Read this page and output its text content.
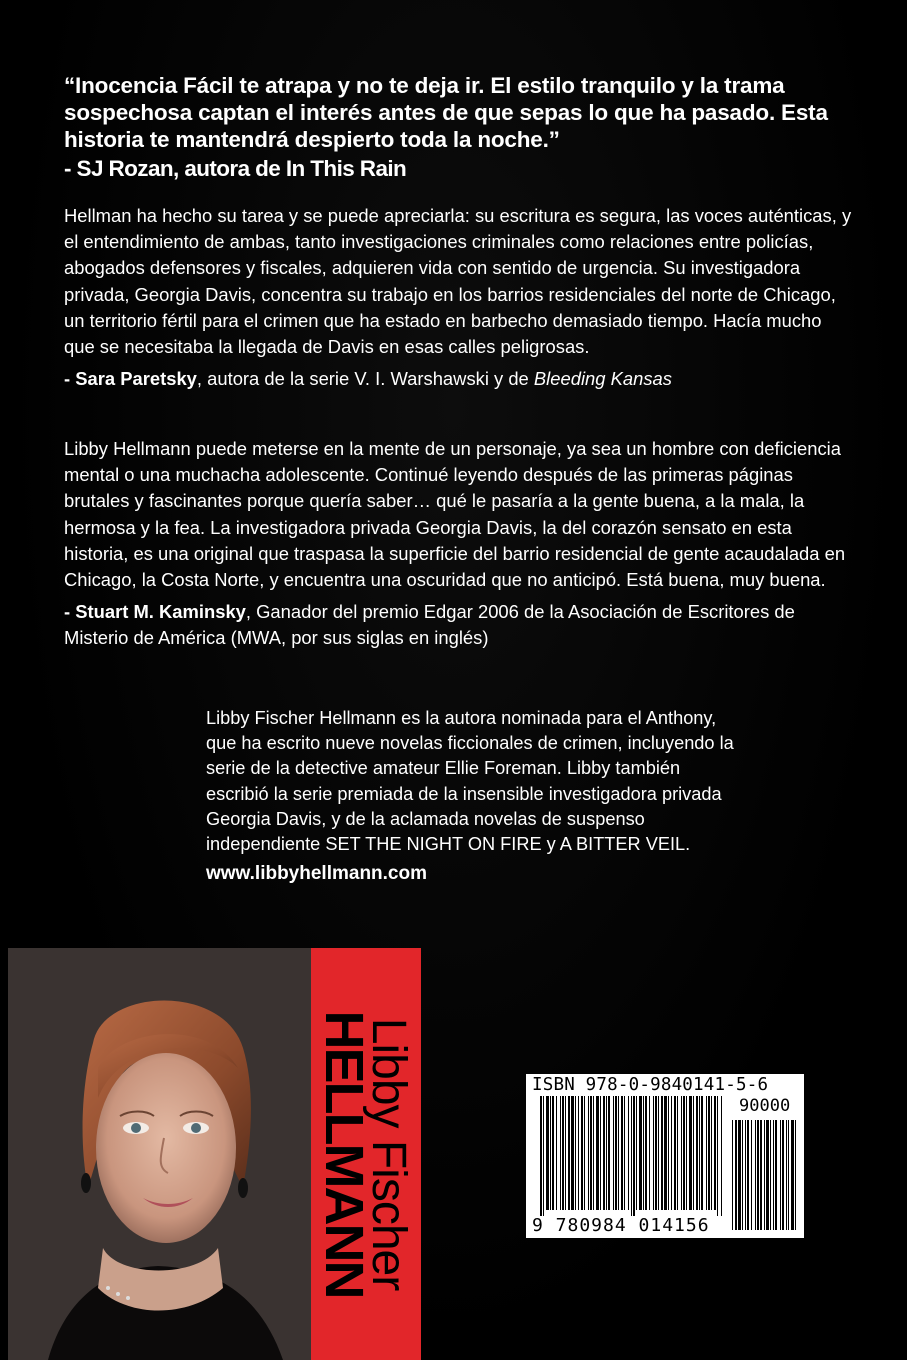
“Inocencia Fácil te atrapa y no te deja ir. El estilo tranquilo y la trama sospechosa captan el interés antes de que sepas lo que ha pasado. Esta historia te mantendrá despierto toda la noche.”
- SJ Rozan, autora de In This Rain

Hellman ha hecho su tarea y se puede apreciarla: su escritura es segura, las voces auténticas, y el entendimiento de ambas, tanto investigaciones criminales como relaciones entre policías, abogados defensores y fiscales, adquieren vida con sentido de urgencia. Su investigadora privada, Georgia Davis, concentra su trabajo en los barrios residenciales del norte de Chicago, un territorio fértil para el crimen que ha estado en barbecho demasiado tiempo. Hacía mucho que se necesitaba la llegada de Davis en esas calles peligrosas.

- Sara Paretsky, autora de la serie V. I. Warshawski y de Bleeding Kansas

Libby Hellmann puede meterse en la mente de un personaje, ya sea un hombre con deficiencia mental o una muchacha adolescente. Continué leyendo después de las primeras páginas brutales y fascinantes porque quería saber… qué le pasaría a la gente buena, a la mala, la hermosa y la fea. La investigadora privada Georgia Davis, la del corazón sensato en esta historia, es una original que traspasa la superficie del barrio residencial de gente acaudalada en Chicago, la Costa Norte, y encuentra una oscuridad que no anticipó. Está buena, muy buena.

- Stuart M. Kaminsky, Ganador del premio Edgar 2006 de la Asociación de Escritores de Misterio de América (MWA, por sus siglas en inglés)

Libby Fischer Hellmann es la autora nominada para el Anthony, que ha escrito nueve novelas ficcionales de crimen, incluyendo la serie de la detective amateur Ellie Foreman. Libby también escribió la serie premiada de la insensible investigadora privada Georgia Davis, y de la aclamada novelas de suspenso independiente SET THE NIGHT ON FIRE y A BITTER VEIL.
www.libbyhellmann.com
Libby Fischer
HELLMANN	ISBN 978-0-9840141-5-6
90000
9 780984 014156
